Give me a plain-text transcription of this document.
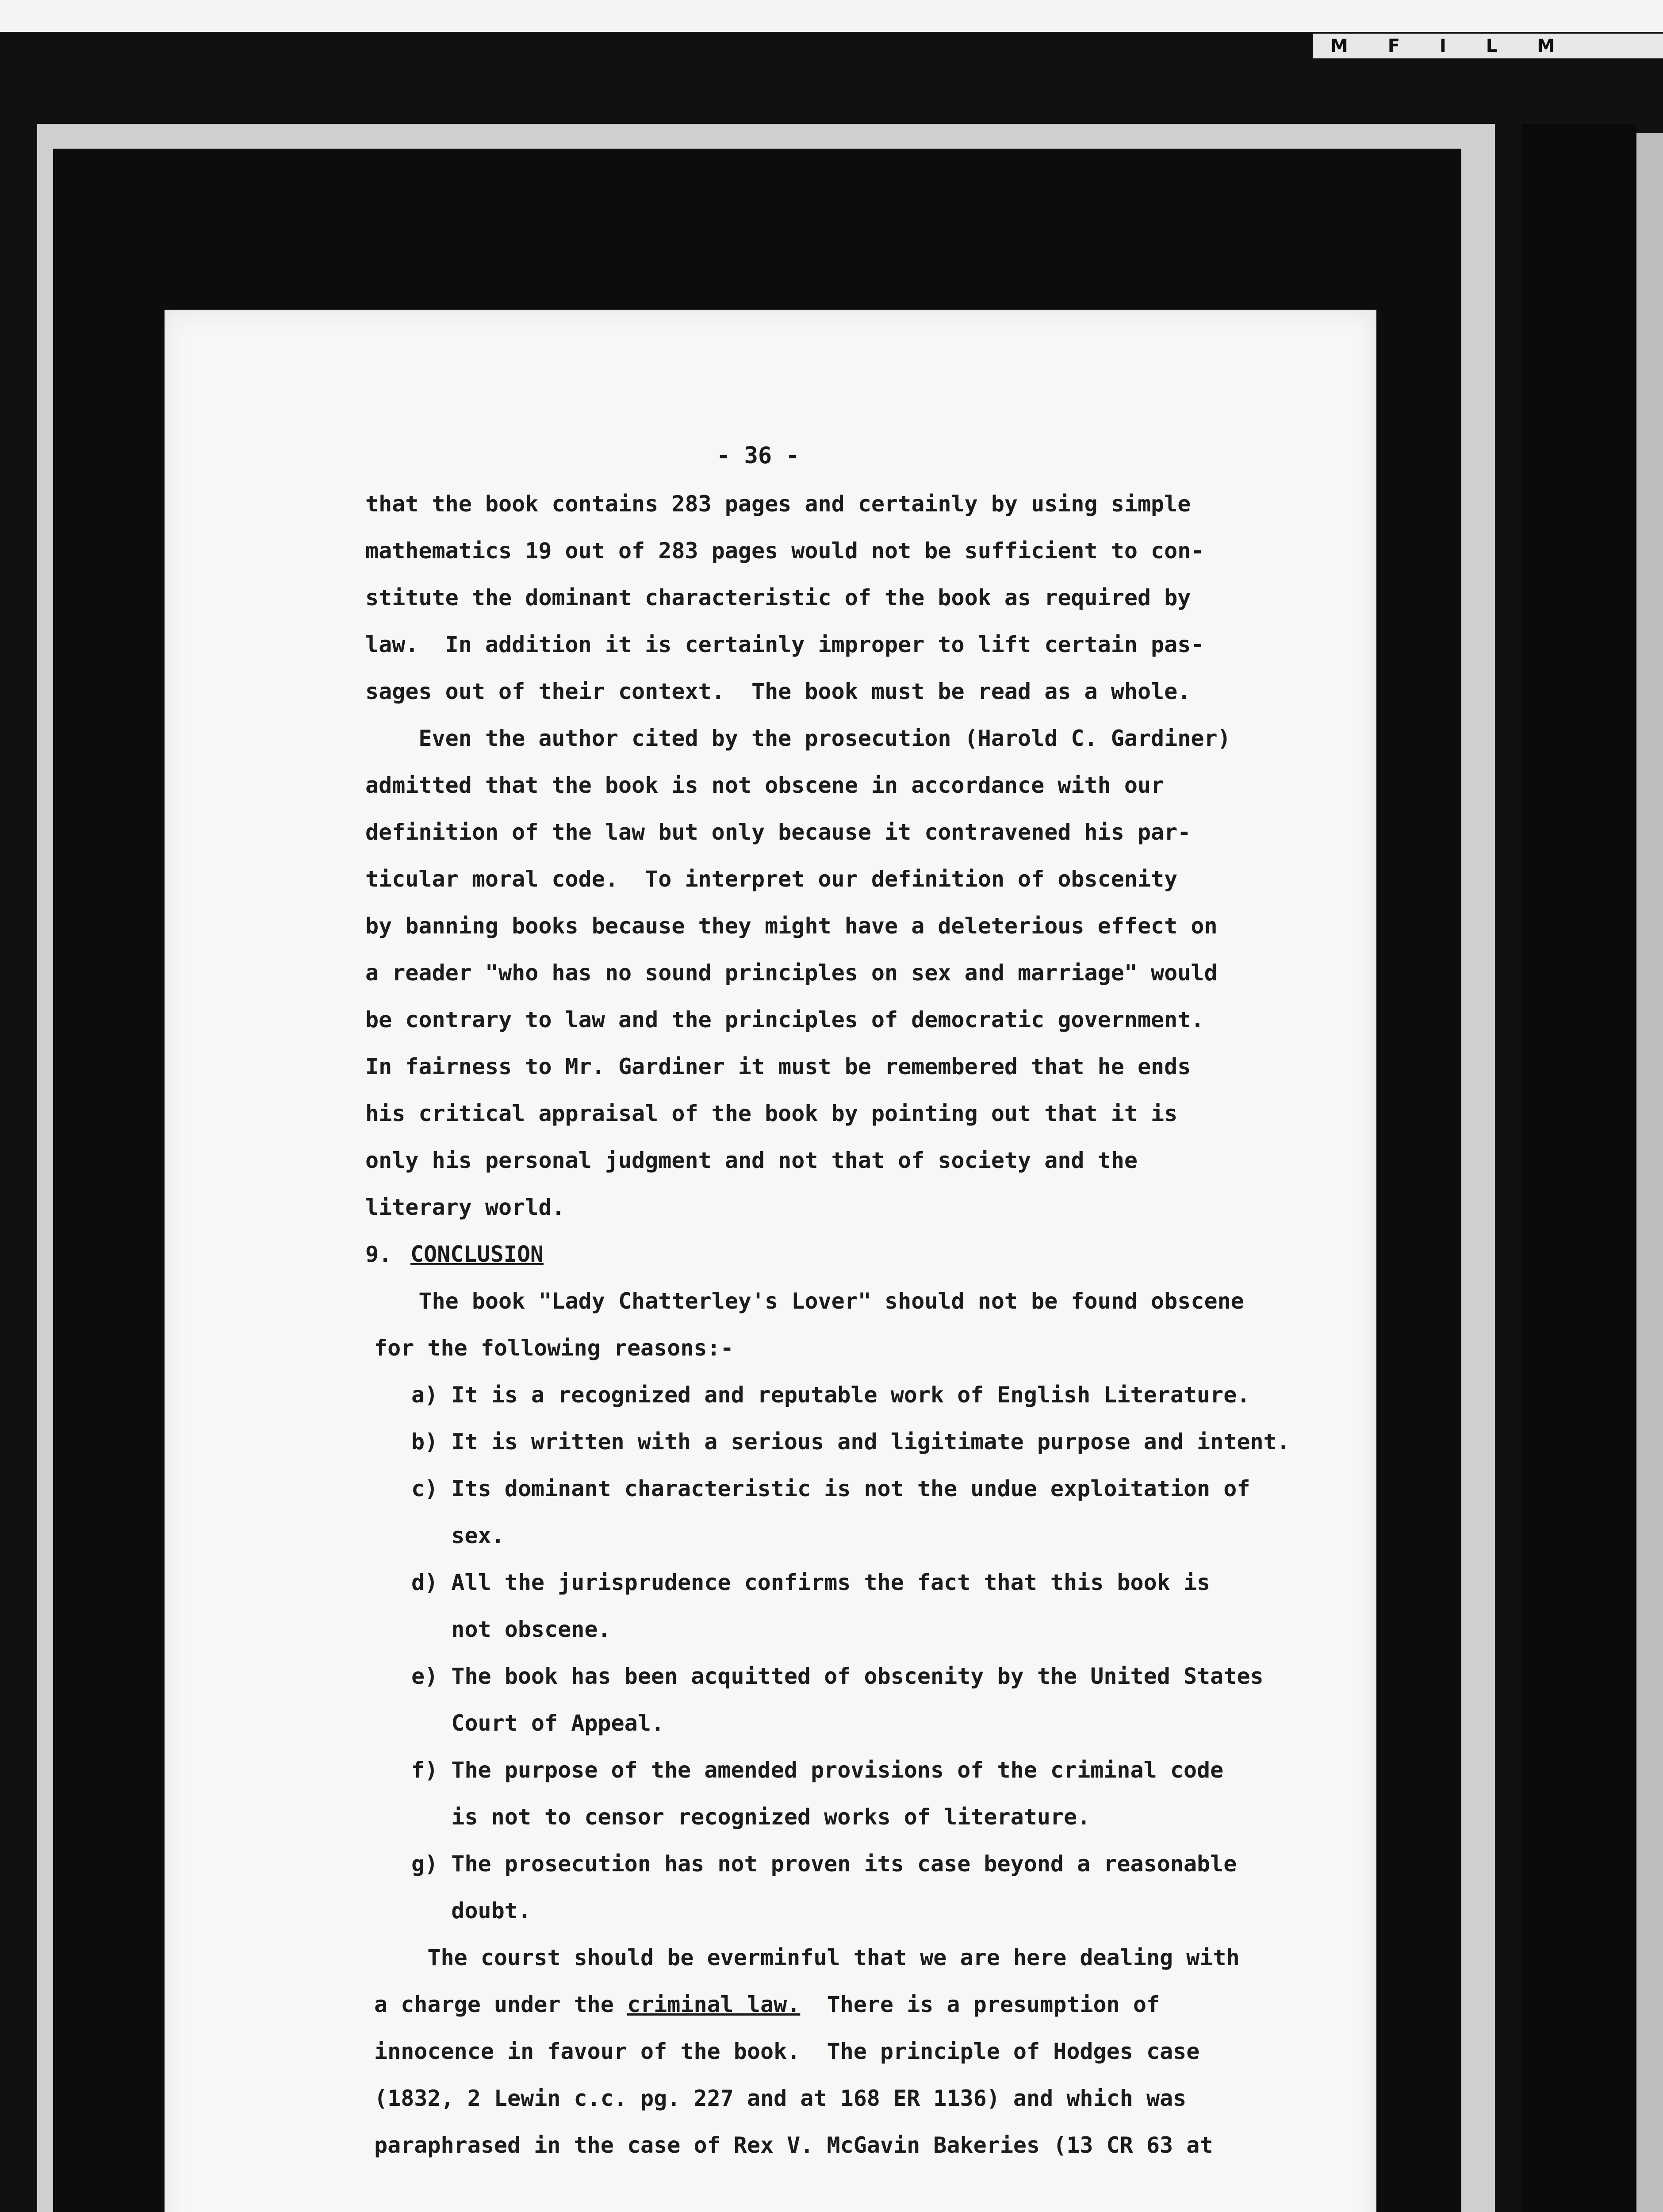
M F I L M
- 36 -
that the book contains 283 pages and certainly by using simple
mathematics 19 out of 283 pages would not be sufficient to con-
stitute the dominant characteristic of the book as required by
law.  In addition it is certainly improper to lift certain pas-
sages out of their context.  The book must be read as a whole.
Even the author cited by the prosecution (Harold C. Gardiner)
admitted that the book is not obscene in accordance with our
definition of the law but only because it contravened his par-
ticular moral code.  To interpret our definition of obscenity
by banning books because they might have a deleterious effect on
a reader "who has no sound principles on sex and marriage" would
be contrary to law and the principles of democratic government.
In fairness to Mr. Gardiner it must be remembered that he ends
his critical appraisal of the book by pointing out that it is
only his personal judgment and not that of society and the
literary world.
9. CONCLUSION
The book "Lady Chatterley's Lover" should not be found obscene
for the following reasons:-
a) It is a recognized and reputable work of English Literature.
b) It is written with a serious and ligitimate purpose and intent.
c) Its dominant characteristic is not the undue exploitation of
sex.
d) All the jurisprudence confirms the fact that this book is
not obscene.
e) The book has been acquitted of obscenity by the United States
Court of Appeal.
f) The purpose of the amended provisions of the criminal code
is not to censor recognized works of literature.
g) The prosecution has not proven its case beyond a reasonable
doubt.
The courst should be everminful that we are here dealing with
a charge under the criminal law.  There is a presumption of
innocence in favour of the book.  The principle of Hodges case
(1832, 2 Lewin c.c. pg. 227 and at 168 ER 1136) and which was
paraphrased in the case of Rex V. McGavin Bakeries (13 CR 63 at
